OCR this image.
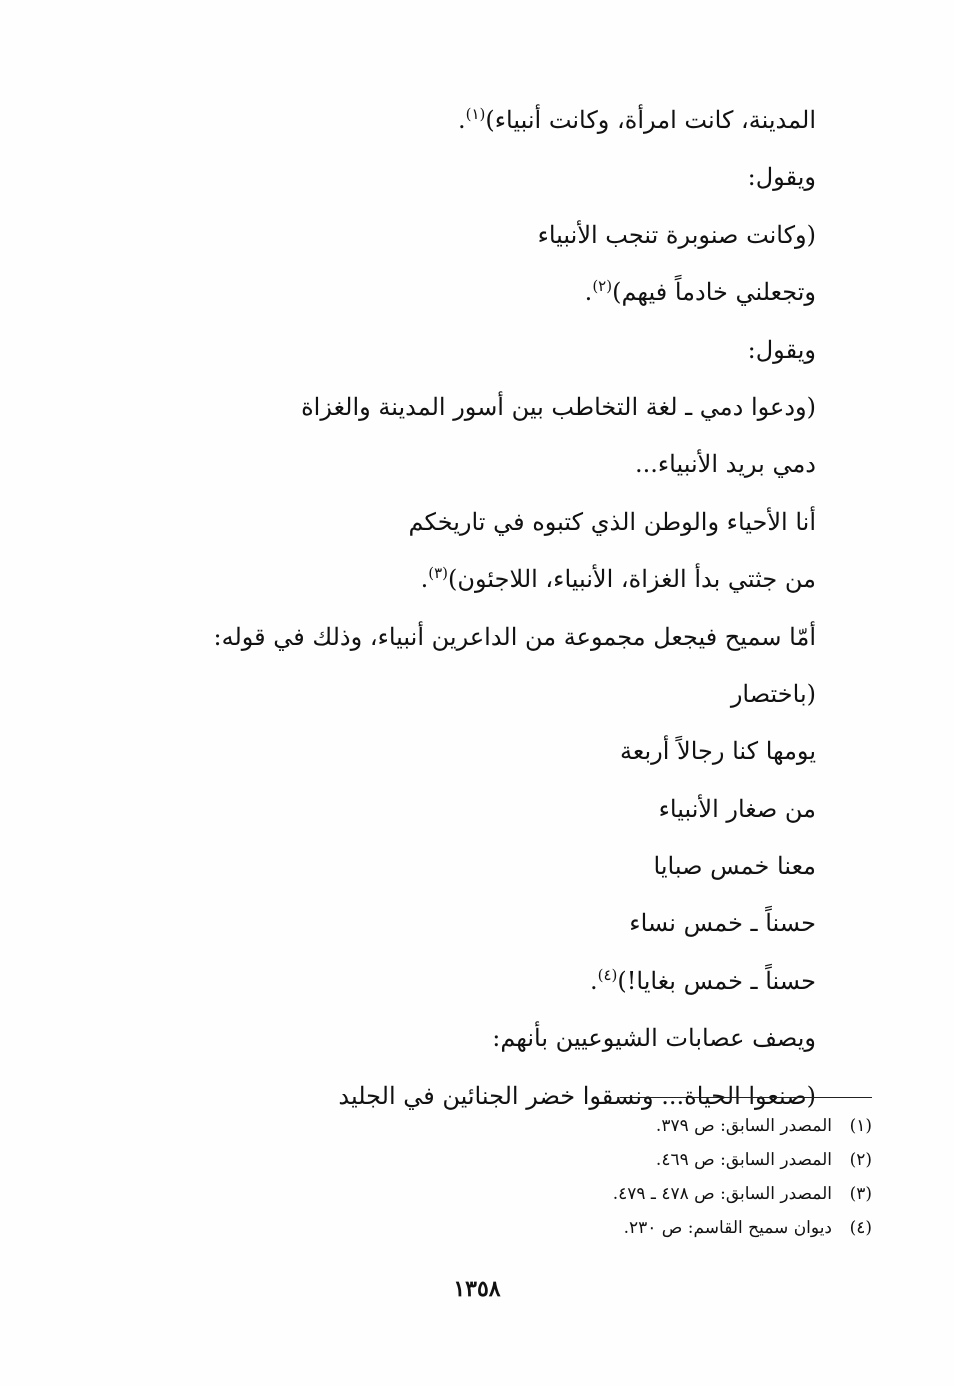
المدينة، كانت امرأة، وكانت أنبياء)$^{(١)}$.
ويقول:
(وكانت صنوبرة تنجب الأنبياء
وتجعلني خادماً فيهم)$^{(٢)}$.
ويقول:
(ودعوا دمي ـ لغة التخاطب بين أسور المدينة والغزاة
دمي بريد الأنبياء...
أنا الأحياء والوطن الذي كتبوه في تاريخكم
من جثتي بدأ الغزاة، الأنبياء، اللاجئون)$^{(٣)}$.
أمّا سميح فيجعل مجموعة من الداعرين أنبياء، وذلك في قوله:
(باختصار
يومها كنا رجالاً أربعة
من صغار الأنبياء
معنا خمس صبايا
حسناً ـ خمس نساء
حسناً ـ خمس بغايا!)$^{(٤)}$.
ويصف عصابات الشيوعيين بأنهم:
(صنعوا الحياة... ونسقوا خضر الجنائين في الجليد
(١)المصدر السابق: ص ٣٧٩.
(٢)المصدر السابق: ص ٤٦٩.
(٣)المصدر السابق: ص ٤٧٨ ـ ٤٧٩.
(٤)ديوان سميح القاسم: ص ٢٣٠.
١٣٥٨
